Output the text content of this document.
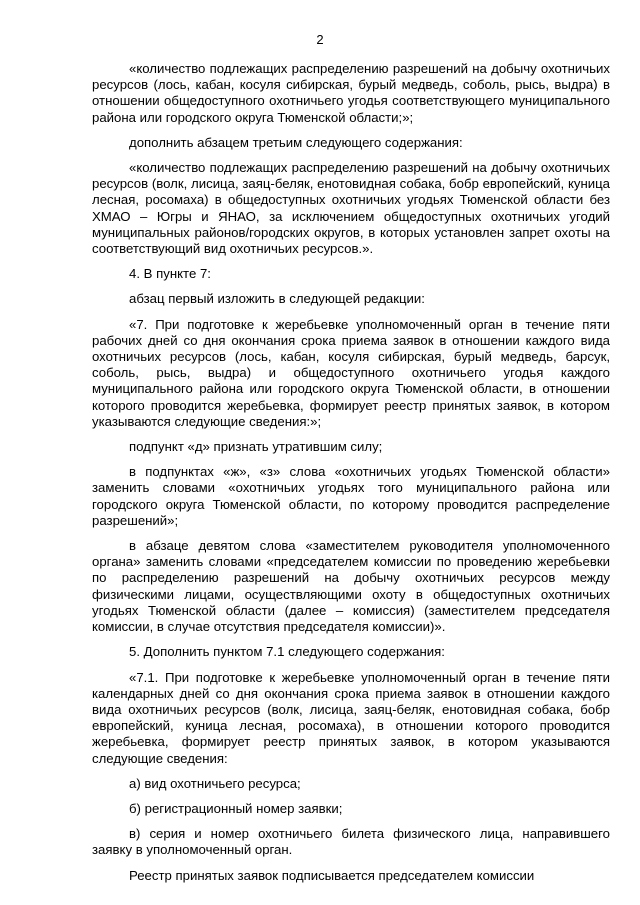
2

«количество подлежащих распределению разрешений на добычу охотничьих ресурсов (лось, кабан, косуля сибирская, бурый медведь, соболь, рысь, выдра) в отношении общедоступного охотничьего угодья соответствующего муниципального района или городского округа Тюменской области;»;

дополнить абзацем третьим следующего содержания:

«количество подлежащих распределению разрешений на добычу охотничьих ресурсов (волк, лисица, заяц-беляк, енотовидная собака, бобр европейский, куница лесная, росомаха) в общедоступных охотничьих угодьях Тюменской области без ХМАО – Югры и ЯНАО, за исключением общедоступных охотничьих угодий муниципальных районов/городских округов, в которых установлен запрет охоты на соответствующий вид охотничьих ресурсов.».

4. В пункте 7:

абзац первый изложить в следующей редакции:

«7. При подготовке к жеребьевке уполномоченный орган в течение пяти рабочих дней со дня окончания срока приема заявок в отношении каждого вида охотничьих ресурсов (лось, кабан, косуля сибирская, бурый медведь, барсук, соболь, рысь, выдра) и общедоступного охотничьего угодья каждого муниципального района или городского округа Тюменской области, в отношении которого проводится жеребьевка, формирует реестр принятых заявок, в котором указываются следующие сведения:»;

подпункт «д» признать утратившим силу;

в подпунктах «ж», «з» слова «охотничьих угодьях Тюменской области» заменить словами «охотничьих угодьях того муниципального района или городского округа Тюменской области, по которому проводится распределение разрешений»;

в абзаце девятом слова «заместителем руководителя уполномоченного органа» заменить словами «председателем комиссии по проведению жеребьевки по распределению разрешений на добычу охотничьих ресурсов между физическими лицами, осуществляющими охоту в общедоступных охотничьих угодьях Тюменской области (далее – комиссия) (заместителем председателя комиссии, в случае отсутствия председателя комиссии)».

5. Дополнить пунктом 7.1 следующего содержания:

«7.1. При подготовке к жеребьевке уполномоченный орган в течение пяти календарных дней со дня окончания срока приема заявок в отношении каждого вида охотничьих ресурсов (волк, лисица, заяц-беляк, енотовидная собака, бобр европейский, куница лесная, росомаха), в отношении которого проводится жеребьевка, формирует реестр принятых заявок, в котором указываются следующие сведения:

а) вид охотничьего ресурса;

б) регистрационный номер заявки;

в) серия и номер охотничьего билета физического лица, направившего заявку в уполномоченный орган.

Реестр принятых заявок подписывается председателем комиссии
